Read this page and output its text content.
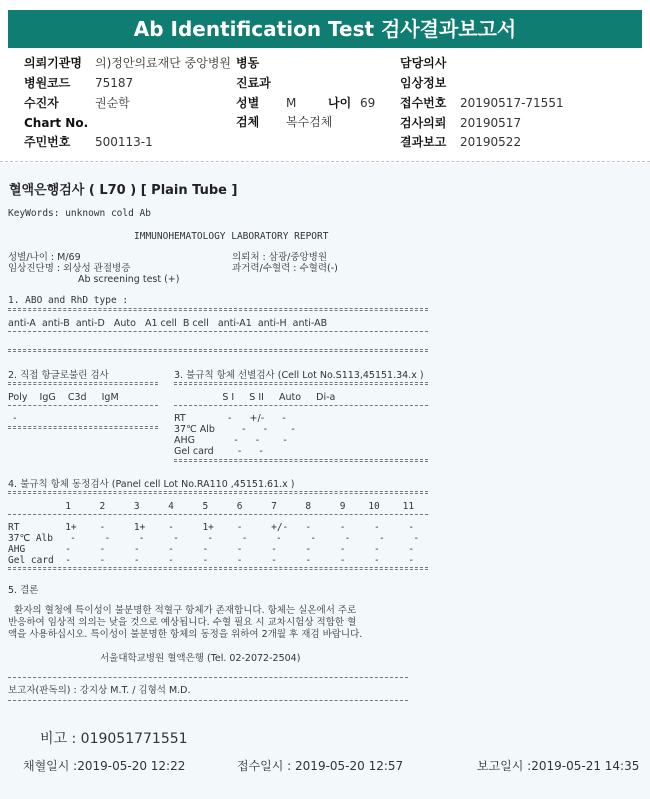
Ab Identification Test 검사결과보고서
의뢰기관명 의)정안의료재단 중앙병원 병동	담당의사
병원코드 75187	진료과	임상정보
수진자	권순학	성별 M	나이 69 접수번호 20190517-71551
Chart No.	검체 복수검체	검사의뢰 20190517
주민번호 500113-1	결과보고 20190522
혈액은행검사 ( L70 ) [ Plain Tube ]
KeyWords: unknown cold Ab
IMMUNOHEMATOLOGY LABORATORY REPORT
성별/나이 : M/69
임상진단명 : 외상성 관절병증
Ab screening test (+)
의뢰처 : 삼광/중앙병원
과거력/수혈력 : 수혈력(-)
1. ABO and RhD type :
anti-A  anti-B  anti-D   Auto   A1 cell  B cell   anti-A1  anti-H  anti-AB
2. 직접 항글로불린 검사
Poly    IgG    C3d     IgM
-
3. 불규칙 항체 선별검사 (Cell Lot No.S113,45151.34.x )
S I     S II     Auto     Di-a
RT              -      +/-      -
37℃ Alb         -      -        -
AHG             -      -        -
Gel card        -      -
4. 불규칙 항체 동정검사 (Panel cell Lot No.RA110 ,45151.61.x )
1     2     3     4     5     6     7     8     9    10    11
RT        1+    -     1+    -     1+    -     +/-   -     -     -     -
37℃ Alb   -     -     -     -     -     -     -     -     -     -     -
AHG       -     -     -     -     -     -     -     -     -     -     -
Gel card  -     -     -     -     -     -     -     -     -     -     -
5. 결론
환자의 혈청에 특이성이 불분명한 적혈구 항체가 존재합니다. 항체는 실온에서 주로
반응하여 임상적 의의는 낮을 것으로 예상됩니다. 수혈 필요 시 교차시험상 적합한 혈
액을 사용하십시오. 특이성이 불분명한 항체의 동정을 위하여 2개월 후 재검 바랍니다.
서울대학교병원 혈액은행 (Tel. 02-2072-2504)
보고자(판독의) : 강지상 M.T. / 김형석 M.D.
비고 : 019051771551
채혈일시 :2019-05-20 12:22	접수일시 : 2019-05-20 12:57	보고일시 :2019-05-21 14:35
